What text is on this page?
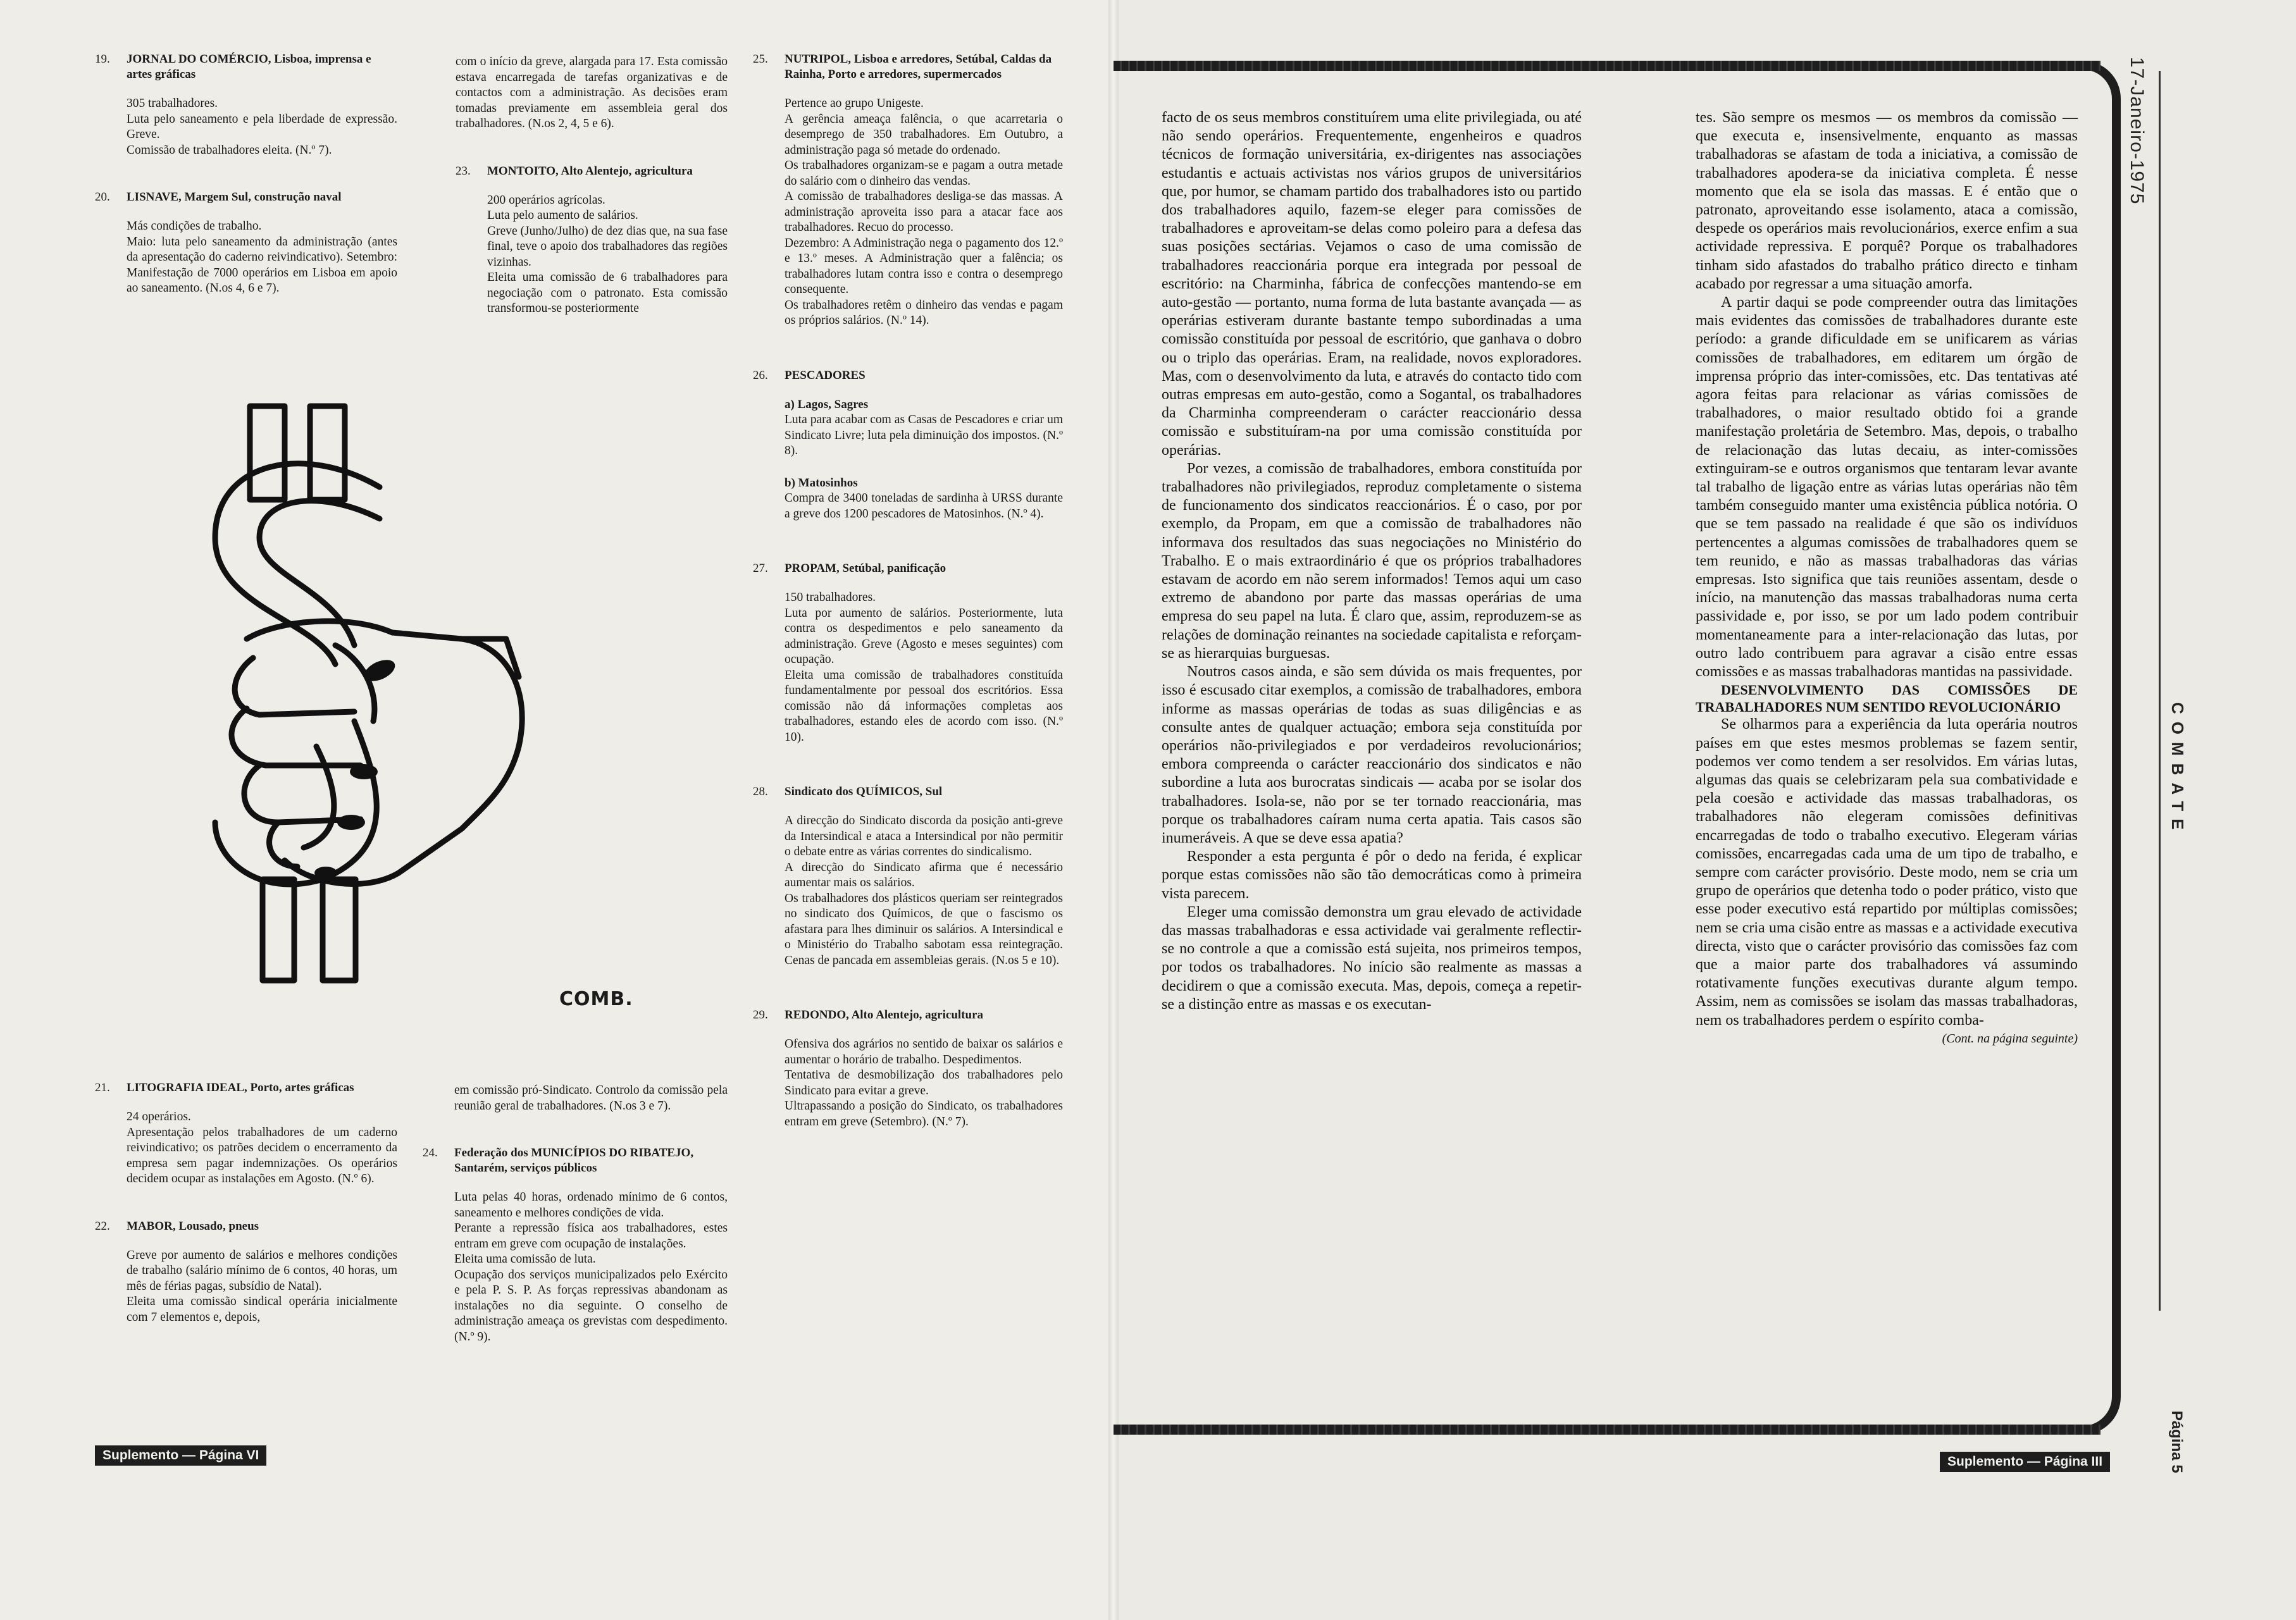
19.	JORNAL DO COMÉRCIO, Lisboa, imprensa e artes gráficas

305 trabalhadores.

Luta pelo saneamento e pela liberdade de expressão. Greve.

Comissão de trabalhadores eleita. (N.º 7).

20.	LISNAVE, Margem Sul, construção naval

Más condições de trabalho.

Maio: luta pelo saneamento da administração (antes da apresentação do caderno reivindicativo). Setembro: Manifestação de 7000 operários em Lisboa em apoio ao saneamento. (N.os 4, 6 e 7).

21.	LITOGRAFIA IDEAL, Porto, artes gráficas

24 operários.

Apresentação pelos trabalhadores de um caderno reivindicativo; os patrões decidem o encerramento da empresa sem pagar indemnizações. Os operários decidem ocupar as instalações em Agosto. (N.º 6).

22.	MABOR, Lousado, pneus

Greve por aumento de salários e melhores condições de trabalho (salário mínimo de 6 contos, 40 horas, um mês de férias pagas, subsídio de Natal).

Eleita uma comissão sindical operária inicialmente com 7 elementos e, depois,

com o início da greve, alargada para 17. Esta comissão estava encarregada de tarefas organizativas e de contactos com a administração. As decisões eram tomadas previamente em assembleia geral dos trabalhadores. (N.os 2, 4, 5 e 6).

23.	MONTOITO, Alto Alentejo, agricultura

200 operários agrícolas.

Luta pelo aumento de salários.

Greve (Junho/Julho) de dez dias que, na sua fase final, teve o apoio dos trabalhadores das regiões vizinhas.

Eleita uma comissão de 6 trabalhadores para negociação com o patronato. Esta comissão transformou-se posteriormente

em comissão pró-Sindicato. Controlo da comissão pela reunião geral de trabalhadores. (N.os 3 e 7).

24.	Federação dos MUNICÍPIOS DO RIBATEJO, Santarém, serviços públicos

Luta pelas 40 horas, ordenado mínimo de 6 contos, saneamento e melhores condições de vida.

Perante a repressão física aos trabalhadores, estes entram em greve com ocupação de instalações.

Eleita uma comissão de luta.

Ocupação dos serviços municipalizados pelo Exército e pela P. S. P. As forças repressivas abandonam as instalações no dia seguinte. O conselho de administração ameaça os grevistas com despedimento. (N.º 9).

25.	NUTRIPOL, Lisboa e arredores, Setúbal, Caldas da Rainha, Porto e arredores, supermercados

Pertence ao grupo Unigeste.

A gerência ameaça falência, o que acarretaria o desemprego de 350 trabalhadores. Em Outubro, a administração paga só metade do ordenado.

Os trabalhadores organizam-se e pagam a outra metade do salário com o dinheiro das vendas.

A comissão de trabalhadores desliga-se das massas. A administração aproveita isso para a atacar face aos trabalhadores. Recuo do processo.

Dezembro: A Administração nega o pagamento dos 12.º e 13.º meses. A Administração quer a falência; os trabalhadores lutam contra isso e contra o desemprego consequente.

Os trabalhadores retêm o dinheiro das vendas e pagam os próprios salários. (N.º 14).

26.	PESCADORES

a) Lagos, Sagres

Luta para acabar com as Casas de Pescadores e criar um Sindicato Livre; luta pela diminuição dos impostos. (N.º 8).

b) Matosinhos

Compra de 3400 toneladas de sardinha à URSS durante a greve dos 1200 pescadores de Matosinhos. (N.º 4).

27.	PROPAM, Setúbal, panificação

150 trabalhadores.

Luta por aumento de salários. Posteriormente, luta contra os despedimentos e pelo saneamento da administração. Greve (Agosto e meses seguintes) com ocupação.

Eleita uma comissão de trabalhadores constituída fundamentalmente por pessoal dos escritórios. Essa comissão não dá informações completas aos trabalhadores, estando eles de acordo com isso. (N.º 10).

28.	Sindicato dos QUÍMICOS, Sul

A direcção do Sindicato discorda da posição anti-greve da Intersindical e ataca a Intersindical por não permitir o debate entre as várias correntes do sindicalismo.

A direcção do Sindicato afirma que é necessário aumentar mais os salários.

Os trabalhadores dos plásticos queriam ser reintegrados no sindicato dos Químicos, de que o fascismo os afastara para lhes diminuir os salários. A Intersindical e o Ministério do Trabalho sabotam essa reintegração. Cenas de pancada em assembleias gerais. (N.os 5 e 10).

29.	REDONDO, Alto Alentejo, agricultura

Ofensiva dos agrários no sentido de baixar os salários e aumentar o horário de trabalho. Despedimentos.

Tentativa de desmobilização dos trabalhadores pelo Sindicato para evitar a greve.

Ultrapassando a posição do Sindicato, os trabalhadores entram em greve (Setembro). (N.º 7).

COMB.
Suplemento — Página VI

facto de os seus membros constituírem uma elite privilegiada, ou até não sendo operários. Frequentemente, engenheiros e quadros técnicos de formação universitária, ex-dirigentes nas associações estudantis e actuais activistas nos vários grupos de universitários que, por humor, se chamam partido dos trabalhadores isto ou partido dos trabalhadores aquilo, fazem-se eleger para comissões de trabalhadores e aproveitam-se delas como poleiro para a defesa das suas posições sectárias. Vejamos o caso de uma comissão de trabalhadores reaccionária porque era integrada por pessoal de escritório: na Charminha, fábrica de confecções mantendo-se em auto-gestão — portanto, numa forma de luta bastante avançada — as operárias estiveram durante bastante tempo subordinadas a uma comissão constituída por pessoal de escritório, que ganhava o dobro ou o triplo das operárias. Eram, na realidade, novos exploradores. Mas, com o desenvolvimento da luta, e através do contacto tido com outras empresas em auto-gestão, como a Sogantal, os trabalhadores da Charminha compreenderam o carácter reaccionário dessa comissão e substituíram-na por uma comissão constituída por operárias.

Por vezes, a comissão de trabalhadores, embora constituída por trabalhadores não privilegiados, reproduz completamente o sistema de funcionamento dos sindicatos reaccionários. É o caso, por por exemplo, da Propam, em que a comissão de trabalhadores não informava dos resultados das suas negociações no Ministério do Trabalho. E o mais extraordinário é que os próprios trabalhadores estavam de acordo em não serem informados! Temos aqui um caso extremo de abandono por parte das massas operárias de uma empresa do seu papel na luta. É claro que, assim, reproduzem-se as relações de dominação reinantes na sociedade capitalista e reforçam-se as hierarquias burguesas.

Noutros casos ainda, e são sem dúvida os mais frequentes, por isso é escusado citar exemplos, a comissão de trabalhadores, embora informe as massas operárias de todas as suas diligências e as consulte antes de qualquer actuação; embora seja constituída por operários não-privilegiados e por verdadeiros revolucionários; embora compreenda o carácter reaccionário dos sindicatos e não subordine a luta aos burocratas sindicais — acaba por se isolar dos trabalhadores. Isola-se, não por se ter tornado reaccionária, mas porque os trabalhadores caíram numa certa apatia. Tais casos são inumeráveis. A que se deve essa apatia?

Responder a esta pergunta é pôr o dedo na ferida, é explicar porque estas comissões não são tão democráticas como à primeira vista parecem.

Eleger uma comissão demonstra um grau elevado de actividade das massas trabalhadoras e essa actividade vai geralmente reflectir-se no controle a que a comissão está sujeita, nos primeiros tempos, por todos os trabalhadores. No início são realmente as massas a decidirem o que a comissão executa. Mas, depois, começa a repetir-se a distinção entre as massas e os executan-

tes. São sempre os mesmos — os membros da comissão — que executa e, insensivelmente, enquanto as massas trabalhadoras se afastam de toda a iniciativa, a comissão de trabalhadores apodera-se da iniciativa completa. É nesse momento que ela se isola das massas. E é então que o patronato, aproveitando esse isolamento, ataca a comissão, despede os operários mais revolucionários, exerce enfim a sua actividade repressiva. E porquê? Porque os trabalhadores tinham sido afastados do trabalho prático directo e tinham acabado por regressar a uma situação amorfa.

A partir daqui se pode compreender outra das limitações mais evidentes das comissões de trabalhadores durante este período: a grande dificuldade em se unificarem as várias comissões de trabalhadores, em editarem um órgão de imprensa próprio das inter-comissões, etc. Das tentativas até agora feitas para relacionar as várias comissões de trabalhadores, o maior resultado obtido foi a grande manifestação proletária de Setembro. Mas, depois, o trabalho de relacionação das lutas decaiu, as inter-comissões extinguiram-se e outros organismos que tentaram levar avante tal trabalho de ligação entre as várias lutas operárias não têm também conseguido manter uma existência pública notória. O que se tem passado na realidade é que são os indivíduos pertencentes a algumas comissões de trabalhadores quem se tem reunido, e não as massas trabalhadoras das várias empresas. Isto significa que tais reuniões assentam, desde o início, na manutenção das massas trabalhadoras numa certa passividade e, por isso, se por um lado podem contribuir momentaneamente para a inter-relacionação das lutas, por outro lado contribuem para agravar a cisão entre essas comissões e as massas trabalhadoras mantidas na passividade.

DESENVOLVIMENTO DAS COMISSÕES DE TRABALHADORES NUM SENTIDO REVOLUCIONÁRIO

Se olharmos para a experiência da luta operária noutros países em que estes mesmos problemas se fazem sentir, podemos ver como tendem a ser resolvidos. Em várias lutas, algumas das quais se celebrizaram pela sua combatividade e pela coesão e actividade das massas trabalhadoras, os trabalhadores não elegeram comissões definitivas encarregadas de todo o trabalho executivo. Elegeram várias comissões, encarregadas cada uma de um tipo de trabalho, e sempre com carácter provisório. Deste modo, nem se cria um grupo de operários que detenha todo o poder prático, visto que esse poder executivo está repartido por múltiplas comissões; nem se cria uma cisão entre as massas e a actividade executiva directa, visto que o carácter provisório das comissões faz com que a maior parte dos trabalhadores vá assumindo rotativamente funções executivas durante algum tempo. Assim, nem as comissões se isolam das massas trabalhadoras, nem os trabalhadores perdem o espírito comba-

(Cont. na página seguinte)

17-Janeiro-1975
COMBATE
Página 5
Suplemento — Página III
